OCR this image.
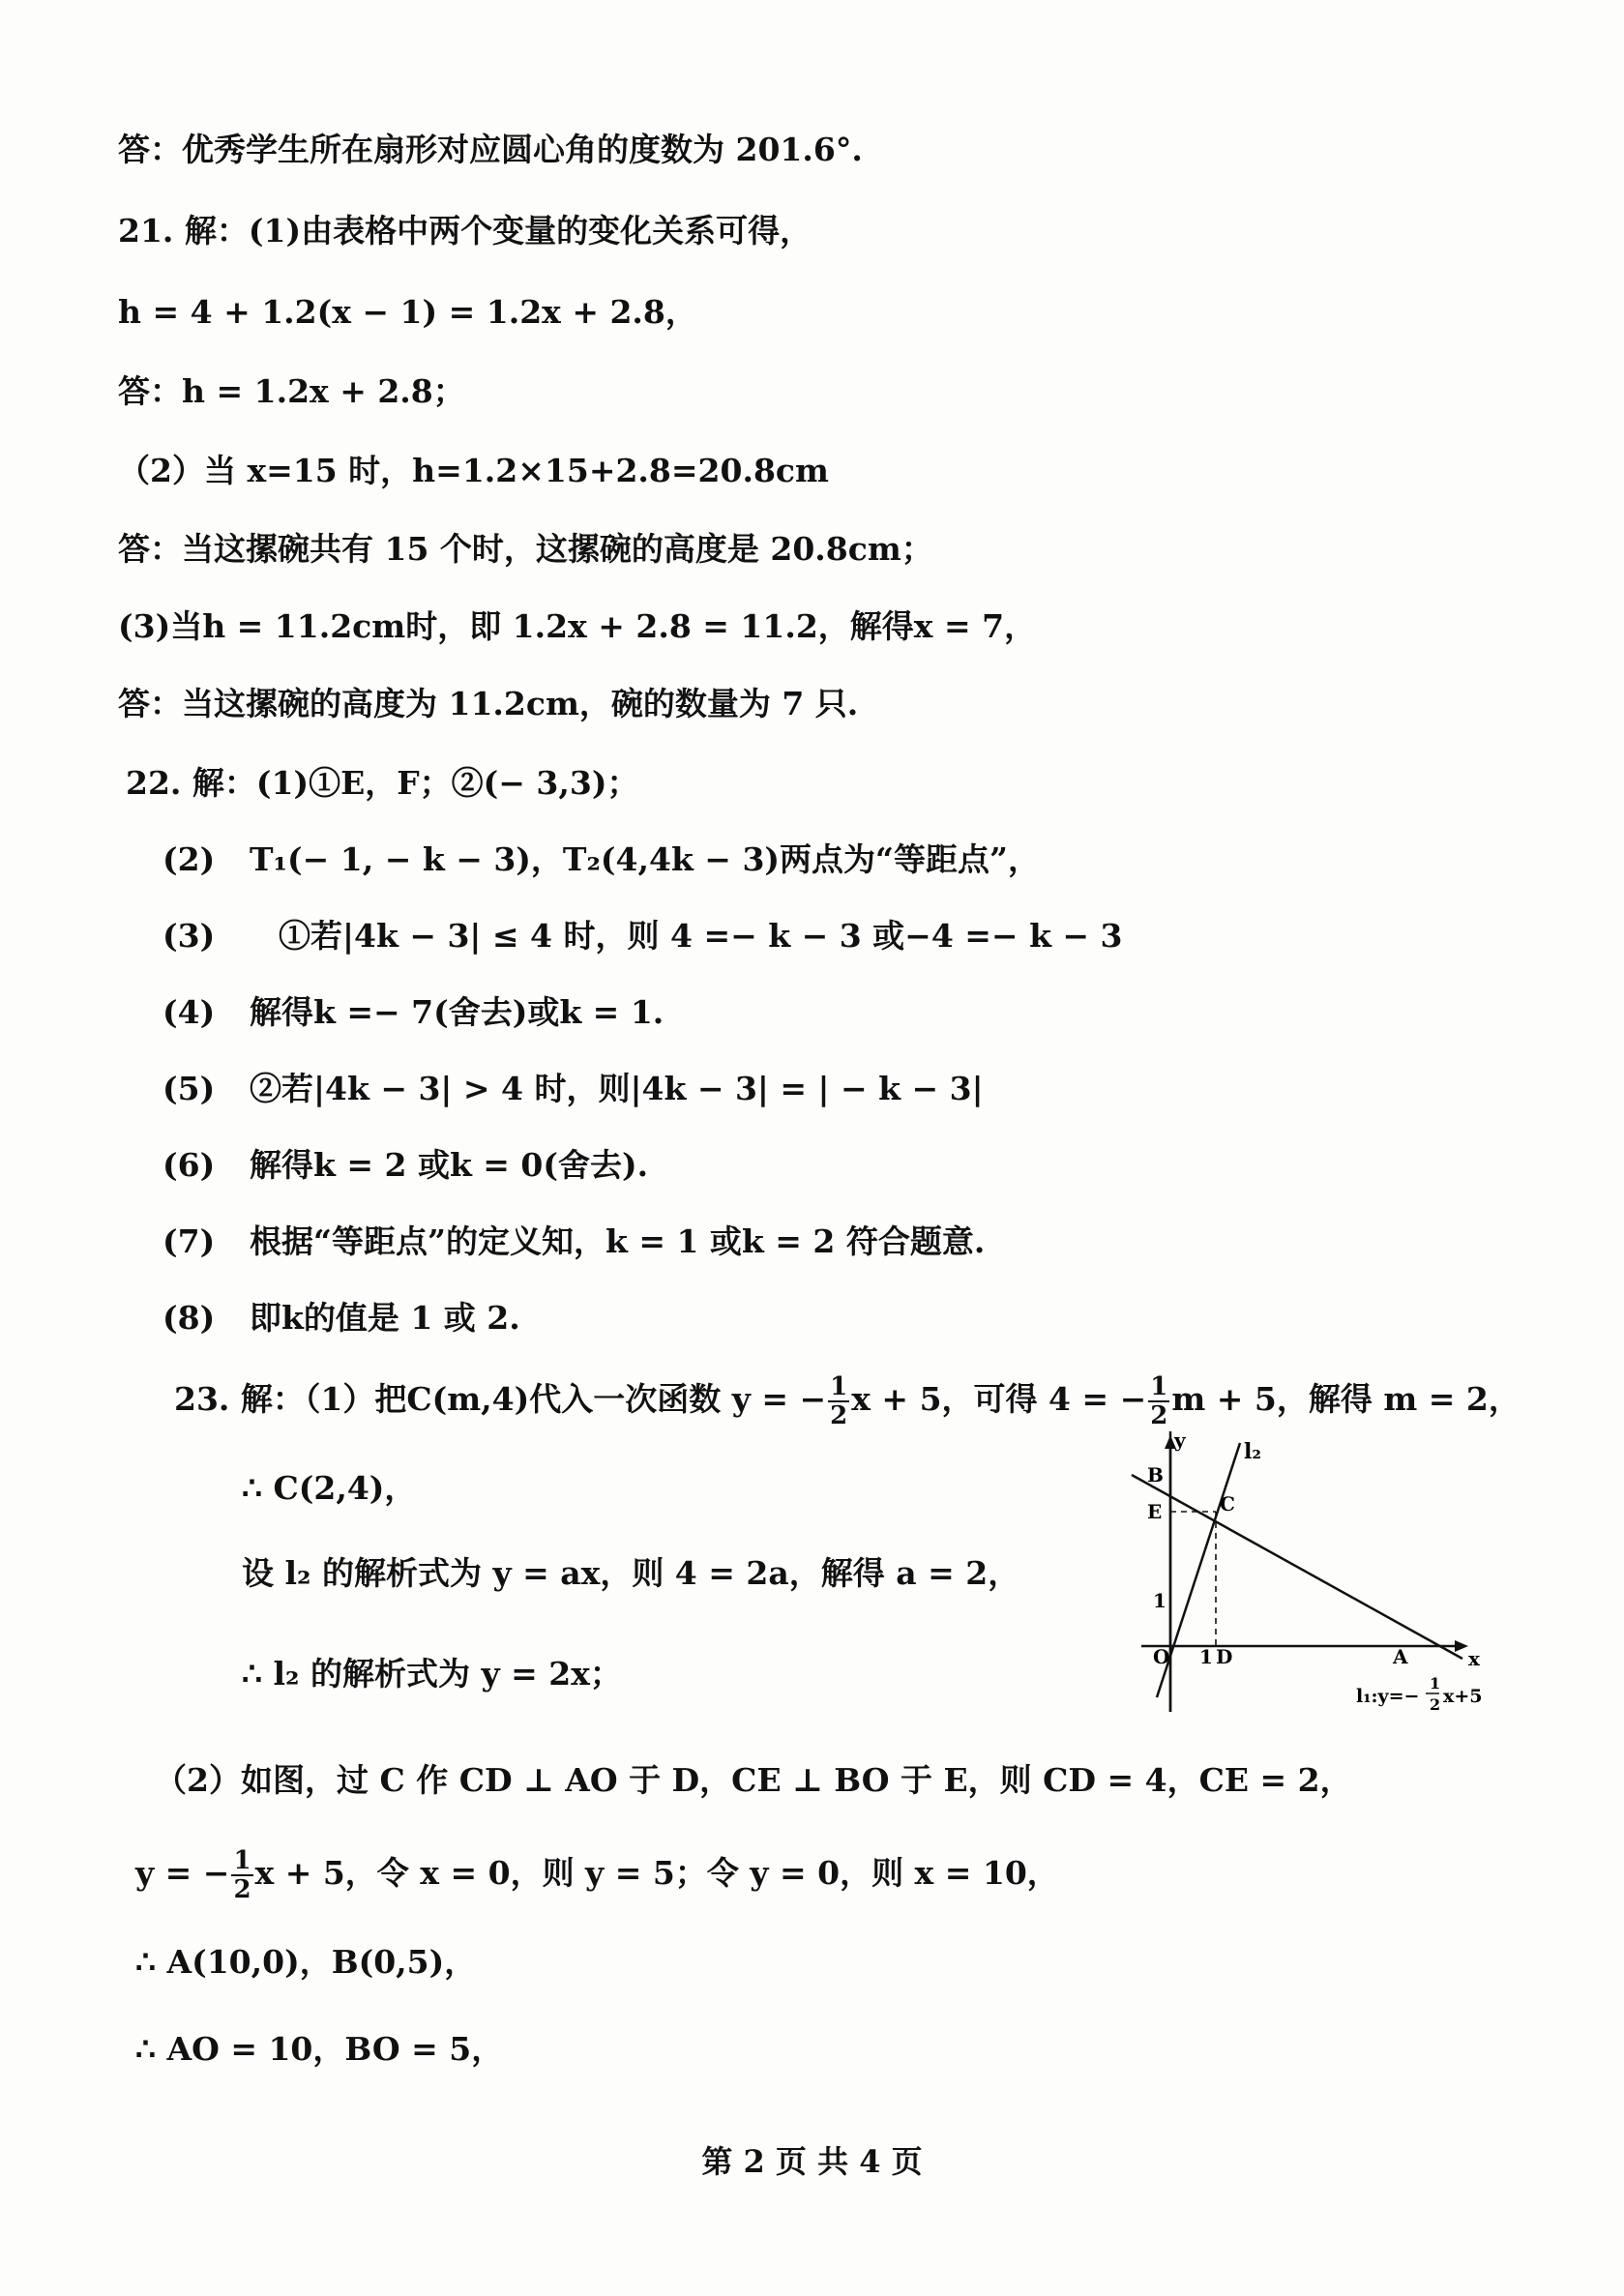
答：优秀学生所在扇形对应圆心角的度数为 201.6°.
21. 解：(1)由表格中两个变量的变化关系可得，
h = 4 + 1.2(x − 1) = 1.2x + 2.8，
答：h = 1.2x + 2.8；
（2）当 x=15 时，h=1.2×15+2.8=20.8cm
答：当这摞碗共有 15 个时，这摞碗的高度是 20.8cm；
(3)当h = 11.2cm时，即 1.2x + 2.8 = 11.2，解得x = 7，
答：当这摞碗的高度为 11.2cm，碗的数量为 7 只.
22. 解：(1)①E，F；②(− 3,3)；
(2) T₁(− 1, − k − 3)，T₂(4,4k − 3)两点为“等距点”，
(3) ①若|4k − 3| ≤ 4 时，则 4 =− k − 3 或−4 =− k − 3
(4) 解得k =− 7(舍去)或k = 1.
(5) ②若|4k − 3| > 4 时，则|4k − 3| = | − k − 3|
(6) 解得k = 2 或k = 0(舍去).
(7) 根据“等距点”的定义知，k = 1 或k = 2 符合题意.
(8) 即k的值是 1 或 2.
23. 解：（1）把C(m,4)代入一次函数 y = − $\frac{1}{2}$ x + 5，可得 4 = − $\frac{1}{2}$ m + 5，解得 m = 2，
∴ C(2,4)，
设 l₂ 的解析式为 y = ax，则 4 = 2a，解得 a = 2，
∴ l₂ 的解析式为 y = 2x；
y
x
B
E	C
1
O 1 D	A
l₂
l₁:y=−
1
2 x+5
（2）如图，过 C 作 CD ⊥ AO 于 D，CE ⊥ BO 于 E，则 CD = 4，CE = 2，
y = − $\frac{1}{2}$ x + 5，令 x = 0，则 y = 5；令 y = 0，则 x = 10，
∴ A(10,0)，B(0,5)，
∴ AO = 10，BO = 5，
第 2 页 共 4 页
